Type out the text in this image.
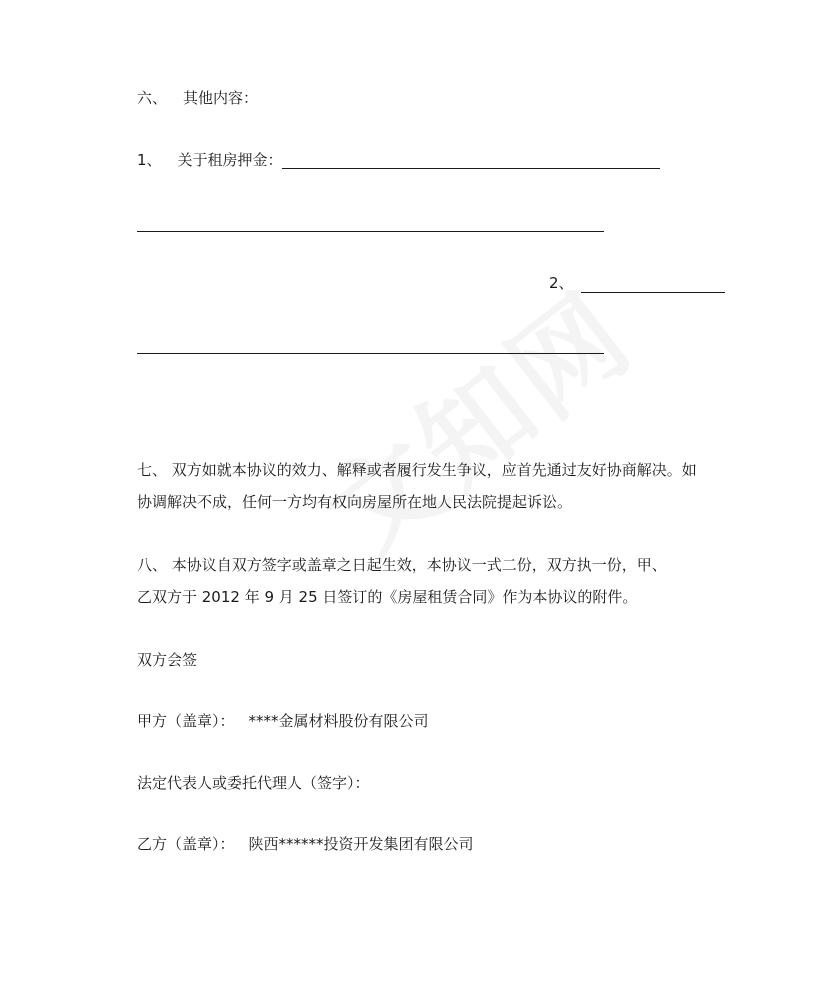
六、 其他内容：
1、 关于租房押金：
2、
七、 双方如就本协议的效力、解释或者履行发生争议，应首先通过友好协商解决。如
协调解决不成，任何一方均有权向房屋所在地人民法院提起诉讼。
八、 本协议自双方签字或盖章之日起生效，本协议一式二份，双方执一份，甲、
乙双方于 2012 年 9 月 25 日签订的《房屋租赁合同》作为本协议的附件。
双方会签
甲方（盖章）： ****金属材料股份有限公司
法定代表人或委托代理人（签字）：
乙方（盖章）： 陕西******投资开发集团有限公司
